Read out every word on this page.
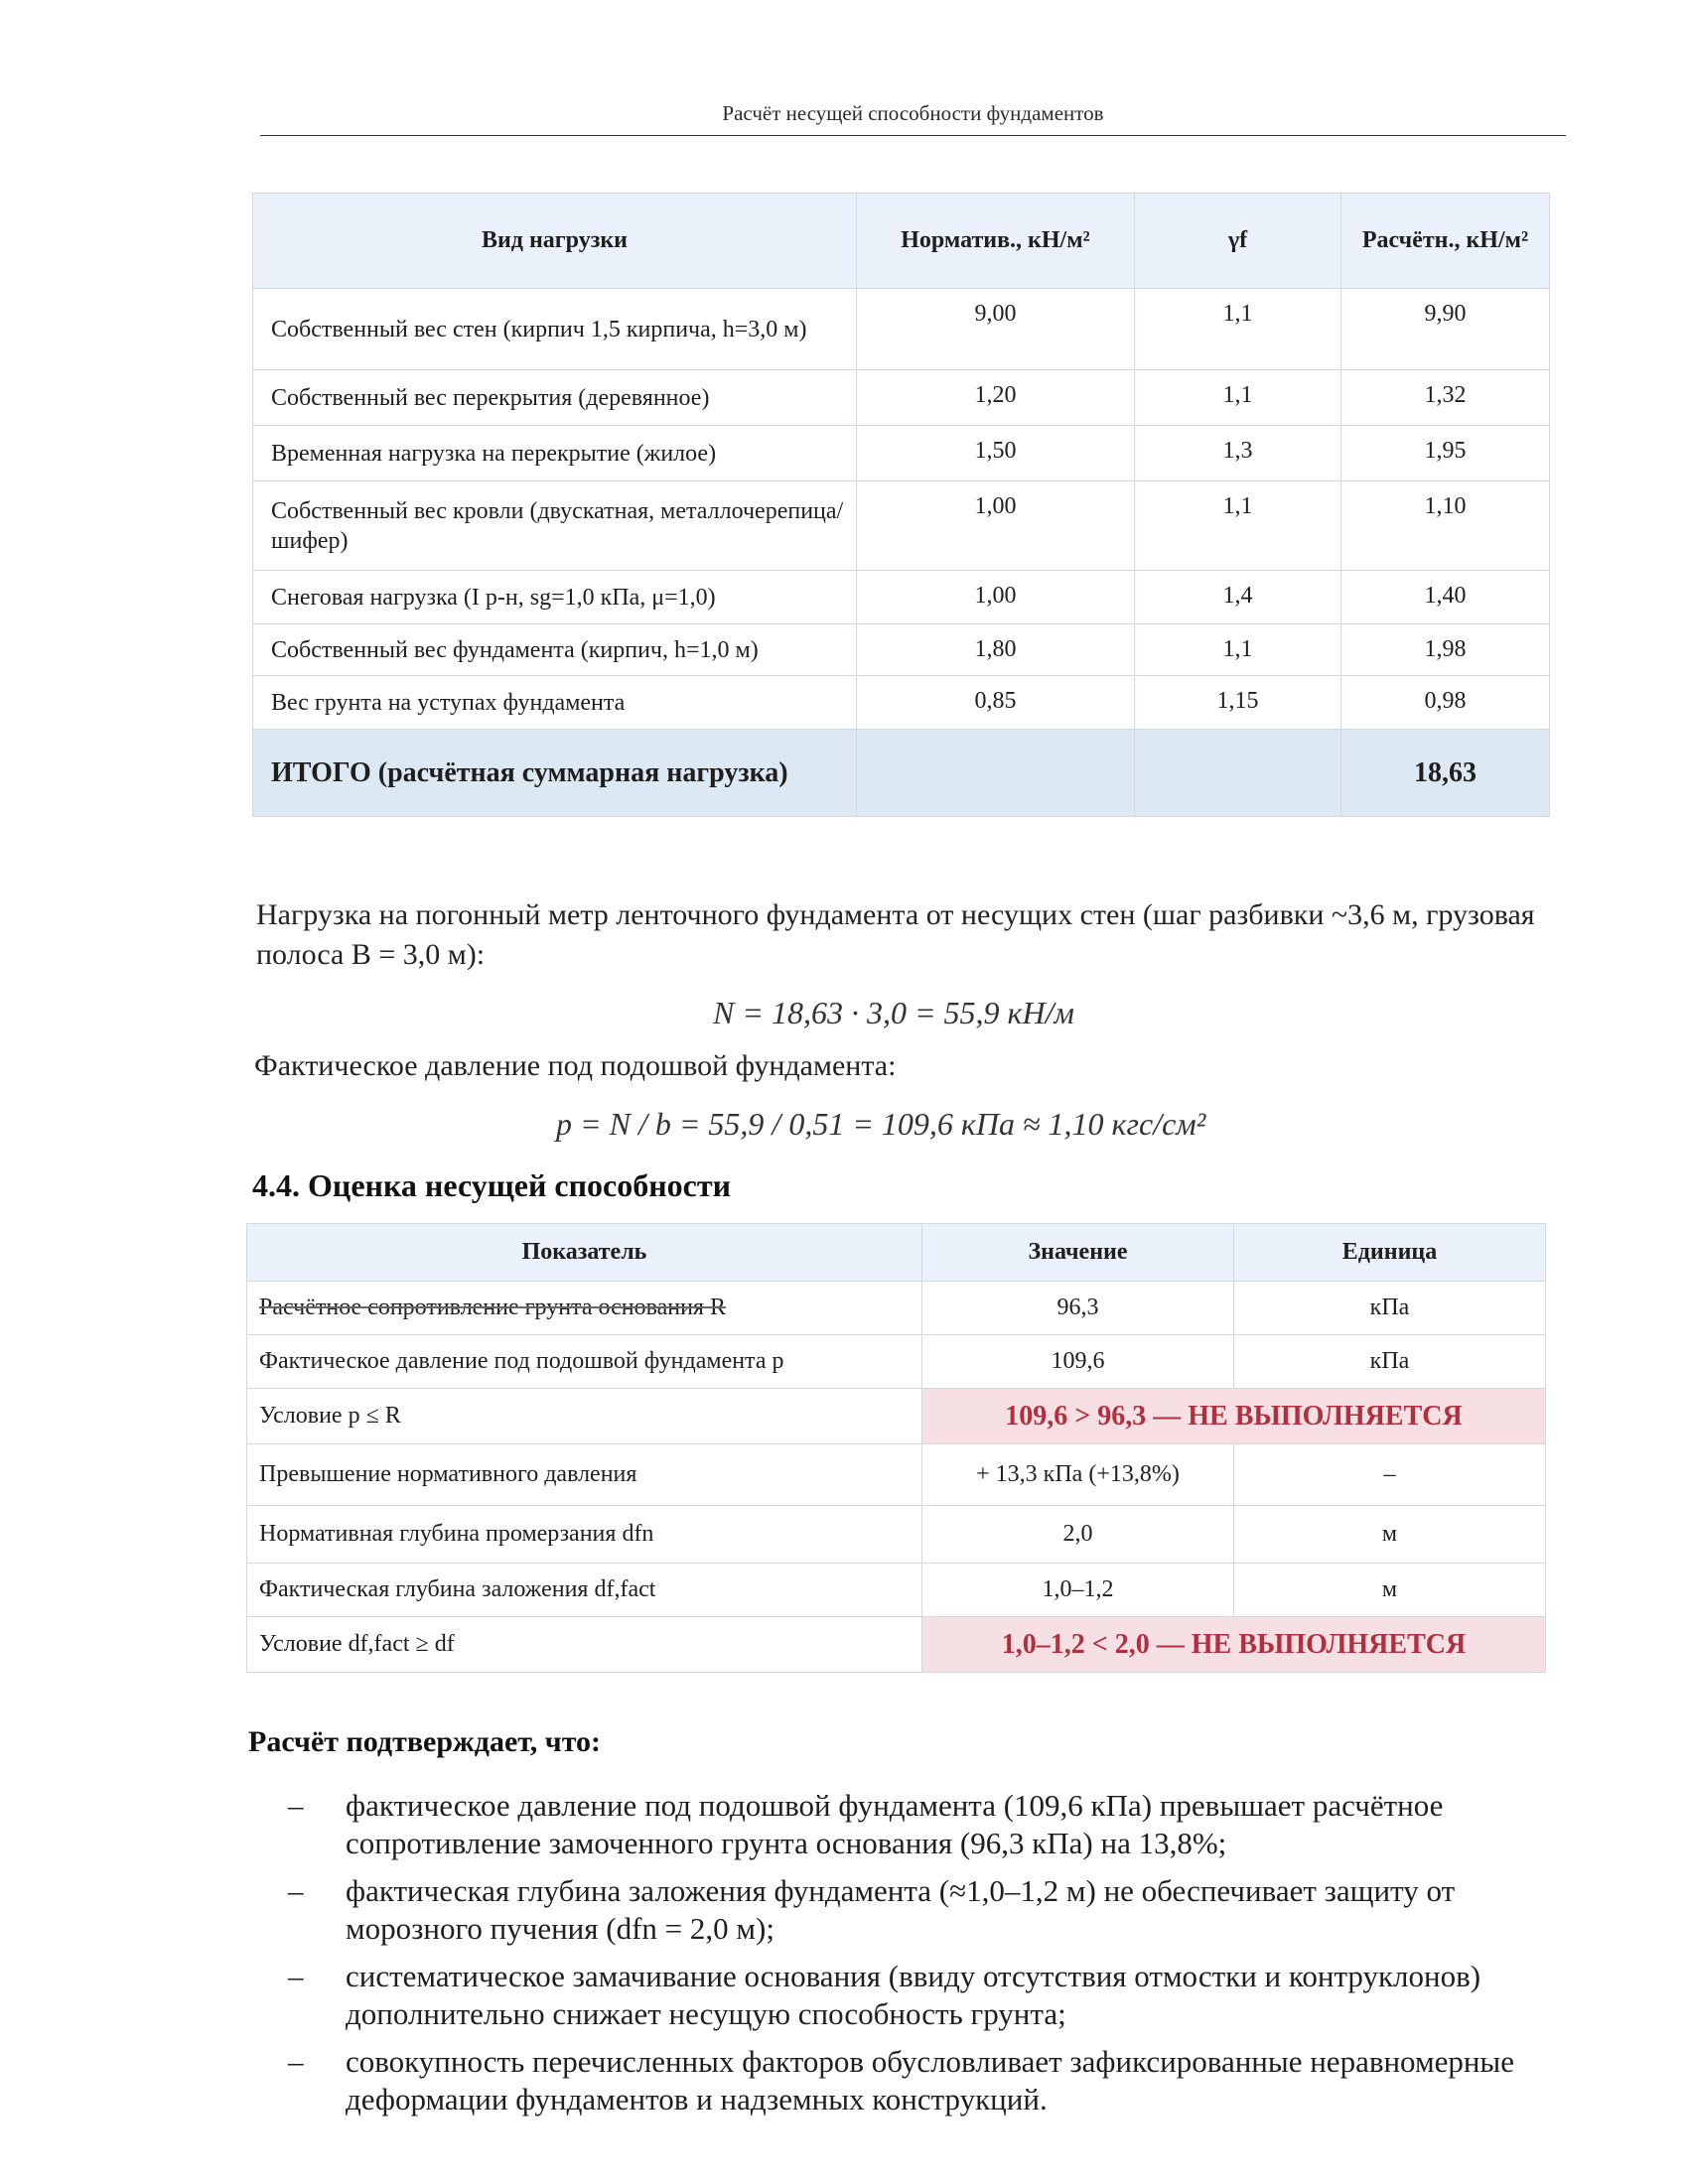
Расчёт несущей способности фундаментов
Вид нагрузки	Норматив., кН/м²	γf	Расчётн., кН/м²
Собственный вес стен (кирпич 1,5 кирпича, h=3,0 м)	9,00	1,1	9,90
Собственный вес перекрытия (деревянное)	1,20	1,1	1,32
Временная нагрузка на перекрытие (жилое)	1,50	1,3	1,95
Собственный вес кровли (двускатная, металлочерепица/шифер)	1,00	1,1	1,10
Снеговая нагрузка (I р-н, sg=1,0 кПа, μ=1,0)	1,00	1,4	1,40
Собственный вес фундамента (кирпич, h=1,0 м)	1,80	1,1	1,98
Вес грунта на уступах фундамента	0,85	1,15	0,98
ИТОГО (расчётная суммарная нагрузка)			18,63
Нагрузка на погонный метр ленточного фундамента от несущих стен (шаг разбивки ~3,6 м, грузовая полоса B = 3,0 м):
N = 18,63 · 3,0 = 55,9 кН/м
Фактическое давление под подошвой фундамента:
p = N / b = 55,9 / 0,51 = 109,6 кПа ≈ 1,10 кгс/см²
4.4. Оценка несущей способности
Показатель	Значение	Единица
Расчётное сопротивление грунта основания R	96,3	кПа
Фактическое давление под подошвой фундамента p	109,6	кПа
Условие p ≤ R	109,6 > 96,3 — НЕ ВЫПОЛНЯЕТСЯ	
Превышение нормативного давления	+ 13,3 кПа (+13,8%)	–
Нормативная глубина промерзания dfn	2,0	м
Фактическая глубина заложения df,fact	1,0–1,2	м
Условие df,fact ≥ df	1,0–1,2 < 2,0 — НЕ ВЫПОЛНЯЕТСЯ	
Расчёт подтверждает, что:
– фактическое давление под подошвой фундамента (109,6 кПа) превышает расчётное сопротивление замоченного грунта основания (96,3 кПа) на 13,8%;
– фактическая глубина заложения фундамента (≈1,0–1,2 м) не обеспечивает защиту от морозного пучения (dfn = 2,0 м);
– систематическое замачивание основания (ввиду отсутствия отмостки и контруклонов) дополнительно снижает несущую способность грунта;
– совокупность перечисленных факторов обусловливает зафиксированные неравномерные деформации фундаментов и надземных конструкций.
